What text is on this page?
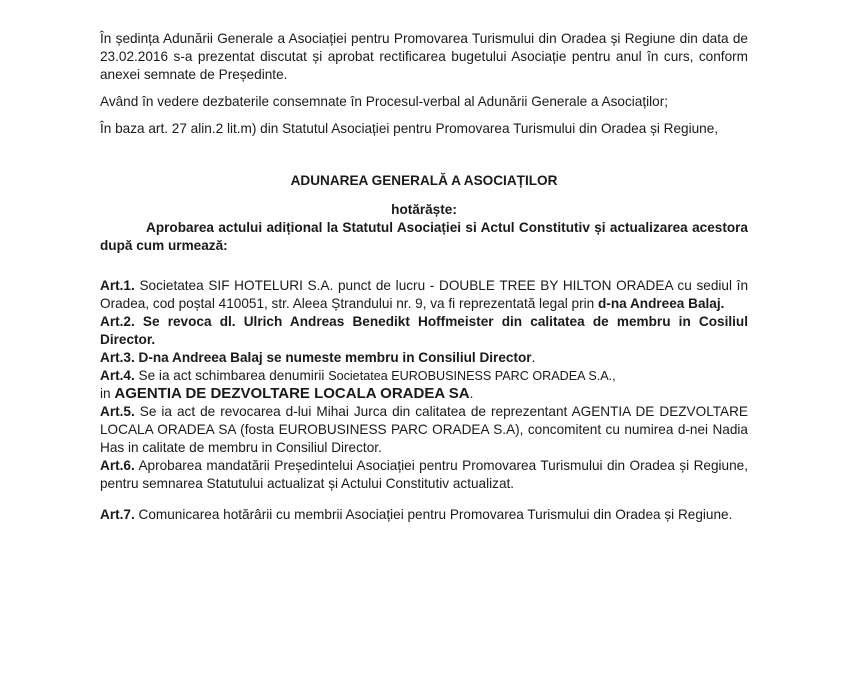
În ședința Adunării Generale a Asociației pentru Promovarea Turismului din Oradea și Regiune din data de 23.02.2016 s-a prezentat discutat și aprobat rectificarea bugetului Asociație pentru anul în curs, conform anexei semnate de Președinte.

Având în vedere dezbaterile consemnate în Procesul-verbal al Adunării Generale a Asociaților;

În baza art. 27 alin.2 lit.m) din Statutul Asociației pentru Promovarea Turismului din Oradea și Regiune,

ADUNAREA GENERALĂ A ASOCIAȚILOR
hotărăște:

Aprobarea actului adițional la Statutul Asociației si Actul Constitutiv și actualizarea acestora după cum urmează:

Art.1. Societatea SIF HOTELURI S.A. punct de lucru - DOUBLE TREE BY HILTON ORADEA cu sediul în Oradea, cod poștal 410051, str. Aleea Ștrandului nr. 9, va fi reprezentată legal prin d-na Andreea Balaj.

Art.2. Se revoca dl. Ulrich Andreas Benedikt Hoffmeister din calitatea de membru in Cosiliul Director.

Art.3. D-na Andreea Balaj se numeste membru in Consiliul Director.

Art.4. Se ia act schimbarea denumirii Societatea EUROBUSINESS PARC ORADEA S.A.,
in AGENTIA DE DEZVOLTARE LOCALA ORADEA SA.

Art.5. Se ia act de revocarea d-lui Mihai Jurca din calitatea de reprezentant AGENTIA DE DEZVOLTARE LOCALA ORADEA SA (fosta EUROBUSINESS PARC ORADEA S.A), concomitent cu numirea d-nei Nadia Has in calitate de membru in Consiliul Director.

Art.6. Aprobarea mandatării Președintelui Asociației pentru Promovarea Turismului din Oradea și Regiune, pentru semnarea Statutului actualizat și Actului Constitutiv actualizat.

Art.7. Comunicarea hotărârii cu membrii Asociației pentru Promovarea Turismului din Oradea și Regiune.
